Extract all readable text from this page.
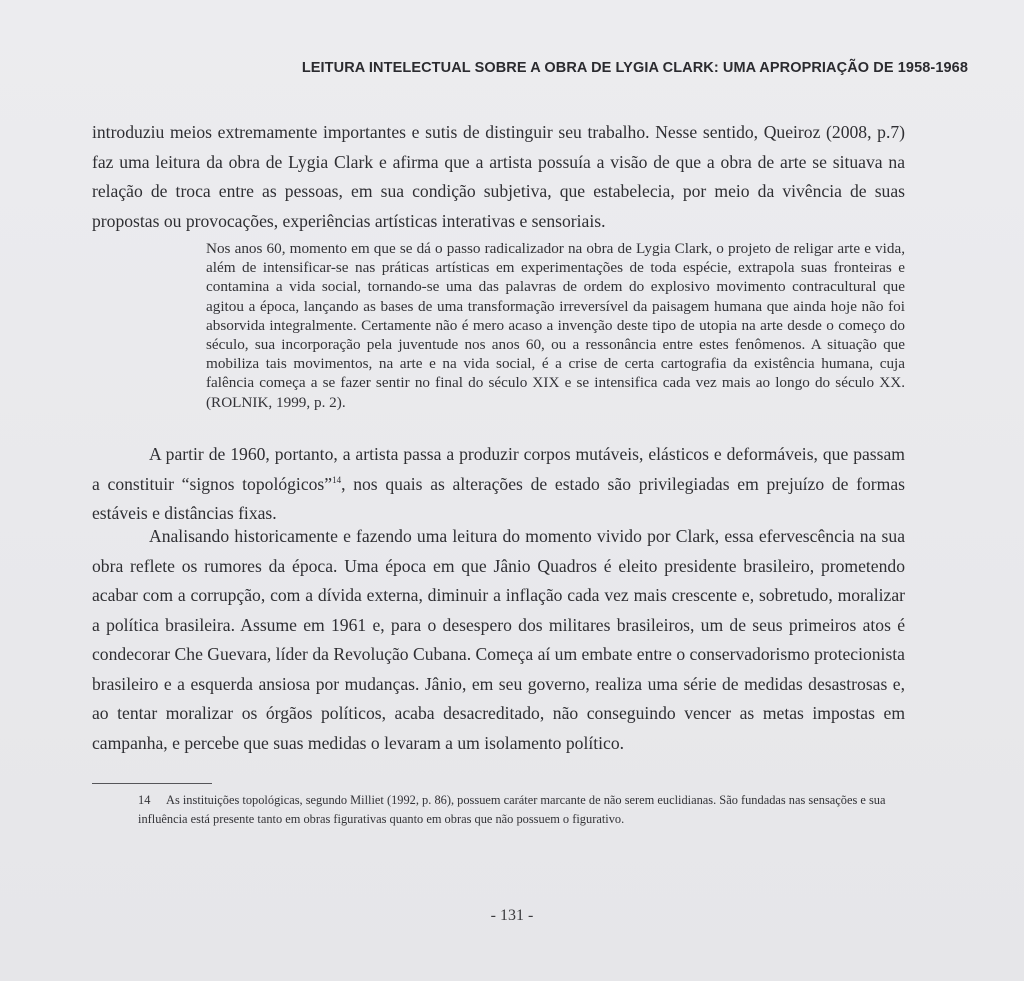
LEITURA INTELECTUAL SOBRE A OBRA DE LYGIA CLARK: UMA APROPRIAÇÃO DE 1958-1968

introduziu meios extremamente importantes e sutis de distinguir seu trabalho. Nesse sentido, Queiroz (2008, p.7) faz uma leitura da obra de Lygia Clark e afirma que a artista possuía a visão de que a obra de arte se situava na relação de troca entre as pessoas, em sua condição subjetiva, que estabelecia, por meio da vivência de suas propostas ou provocações, experiências artísticas interativas e sensoriais.

Nos anos 60, momento em que se dá o passo radicalizador na obra de Lygia Clark, o projeto de religar arte e vida, além de intensificar-se nas práticas artísticas em experimentações de toda espécie, extrapola suas fronteiras e contamina a vida social, tornando-se uma das palavras de ordem do explosivo movimento contracultural que agitou a época, lançando as bases de uma transformação irreversível da paisagem humana que ainda hoje não foi absorvida integralmente. Certamente não é mero acaso a invenção deste tipo de utopia na arte desde o começo do século, sua incorporação pela juventude nos anos 60, ou a ressonância entre estes fenômenos. A situação que mobiliza tais movimentos, na arte e na vida social, é a crise de certa cartografia da existência humana, cuja falência começa a se fazer sentir no final do século XIX e se intensifica cada vez mais ao longo do século XX. (ROLNIK, 1999, p. 2).

A partir de 1960, portanto, a artista passa a produzir corpos mutáveis, elásticos e deformáveis, que passam a constituir “signos topológicos”$^{14}$, nos quais as alterações de estado são privilegiadas em prejuízo de formas estáveis e distâncias fixas.

Analisando historicamente e fazendo uma leitura do momento vivido por Clark, essa efervescência na sua obra reflete os rumores da época. Uma época em que Jânio Quadros é eleito presidente brasileiro, prometendo acabar com a corrupção, com a dívida externa, diminuir a inflação cada vez mais crescente e, sobretudo, moralizar a política brasileira. Assume em 1961 e, para o desespero dos militares brasileiros, um de seus primeiros atos é condecorar Che Guevara, líder da Revolução Cubana. Começa aí um embate entre o conservadorismo protecionista brasileiro e a esquerda ansiosa por mudanças. Jânio, em seu governo, realiza uma série de medidas desastrosas e, ao tentar moralizar os órgãos políticos, acaba desacreditado, não conseguindo vencer as metas impostas em campanha, e percebe que suas medidas o levaram a um isolamento político.

14 As instituições topológicas, segundo Milliet (1992, p. 86), possuem caráter marcante de não serem euclidianas. São fundadas nas sensações e sua influência está presente tanto em obras figurativas quanto em obras que não possuem o figurativo.

- 131 -
